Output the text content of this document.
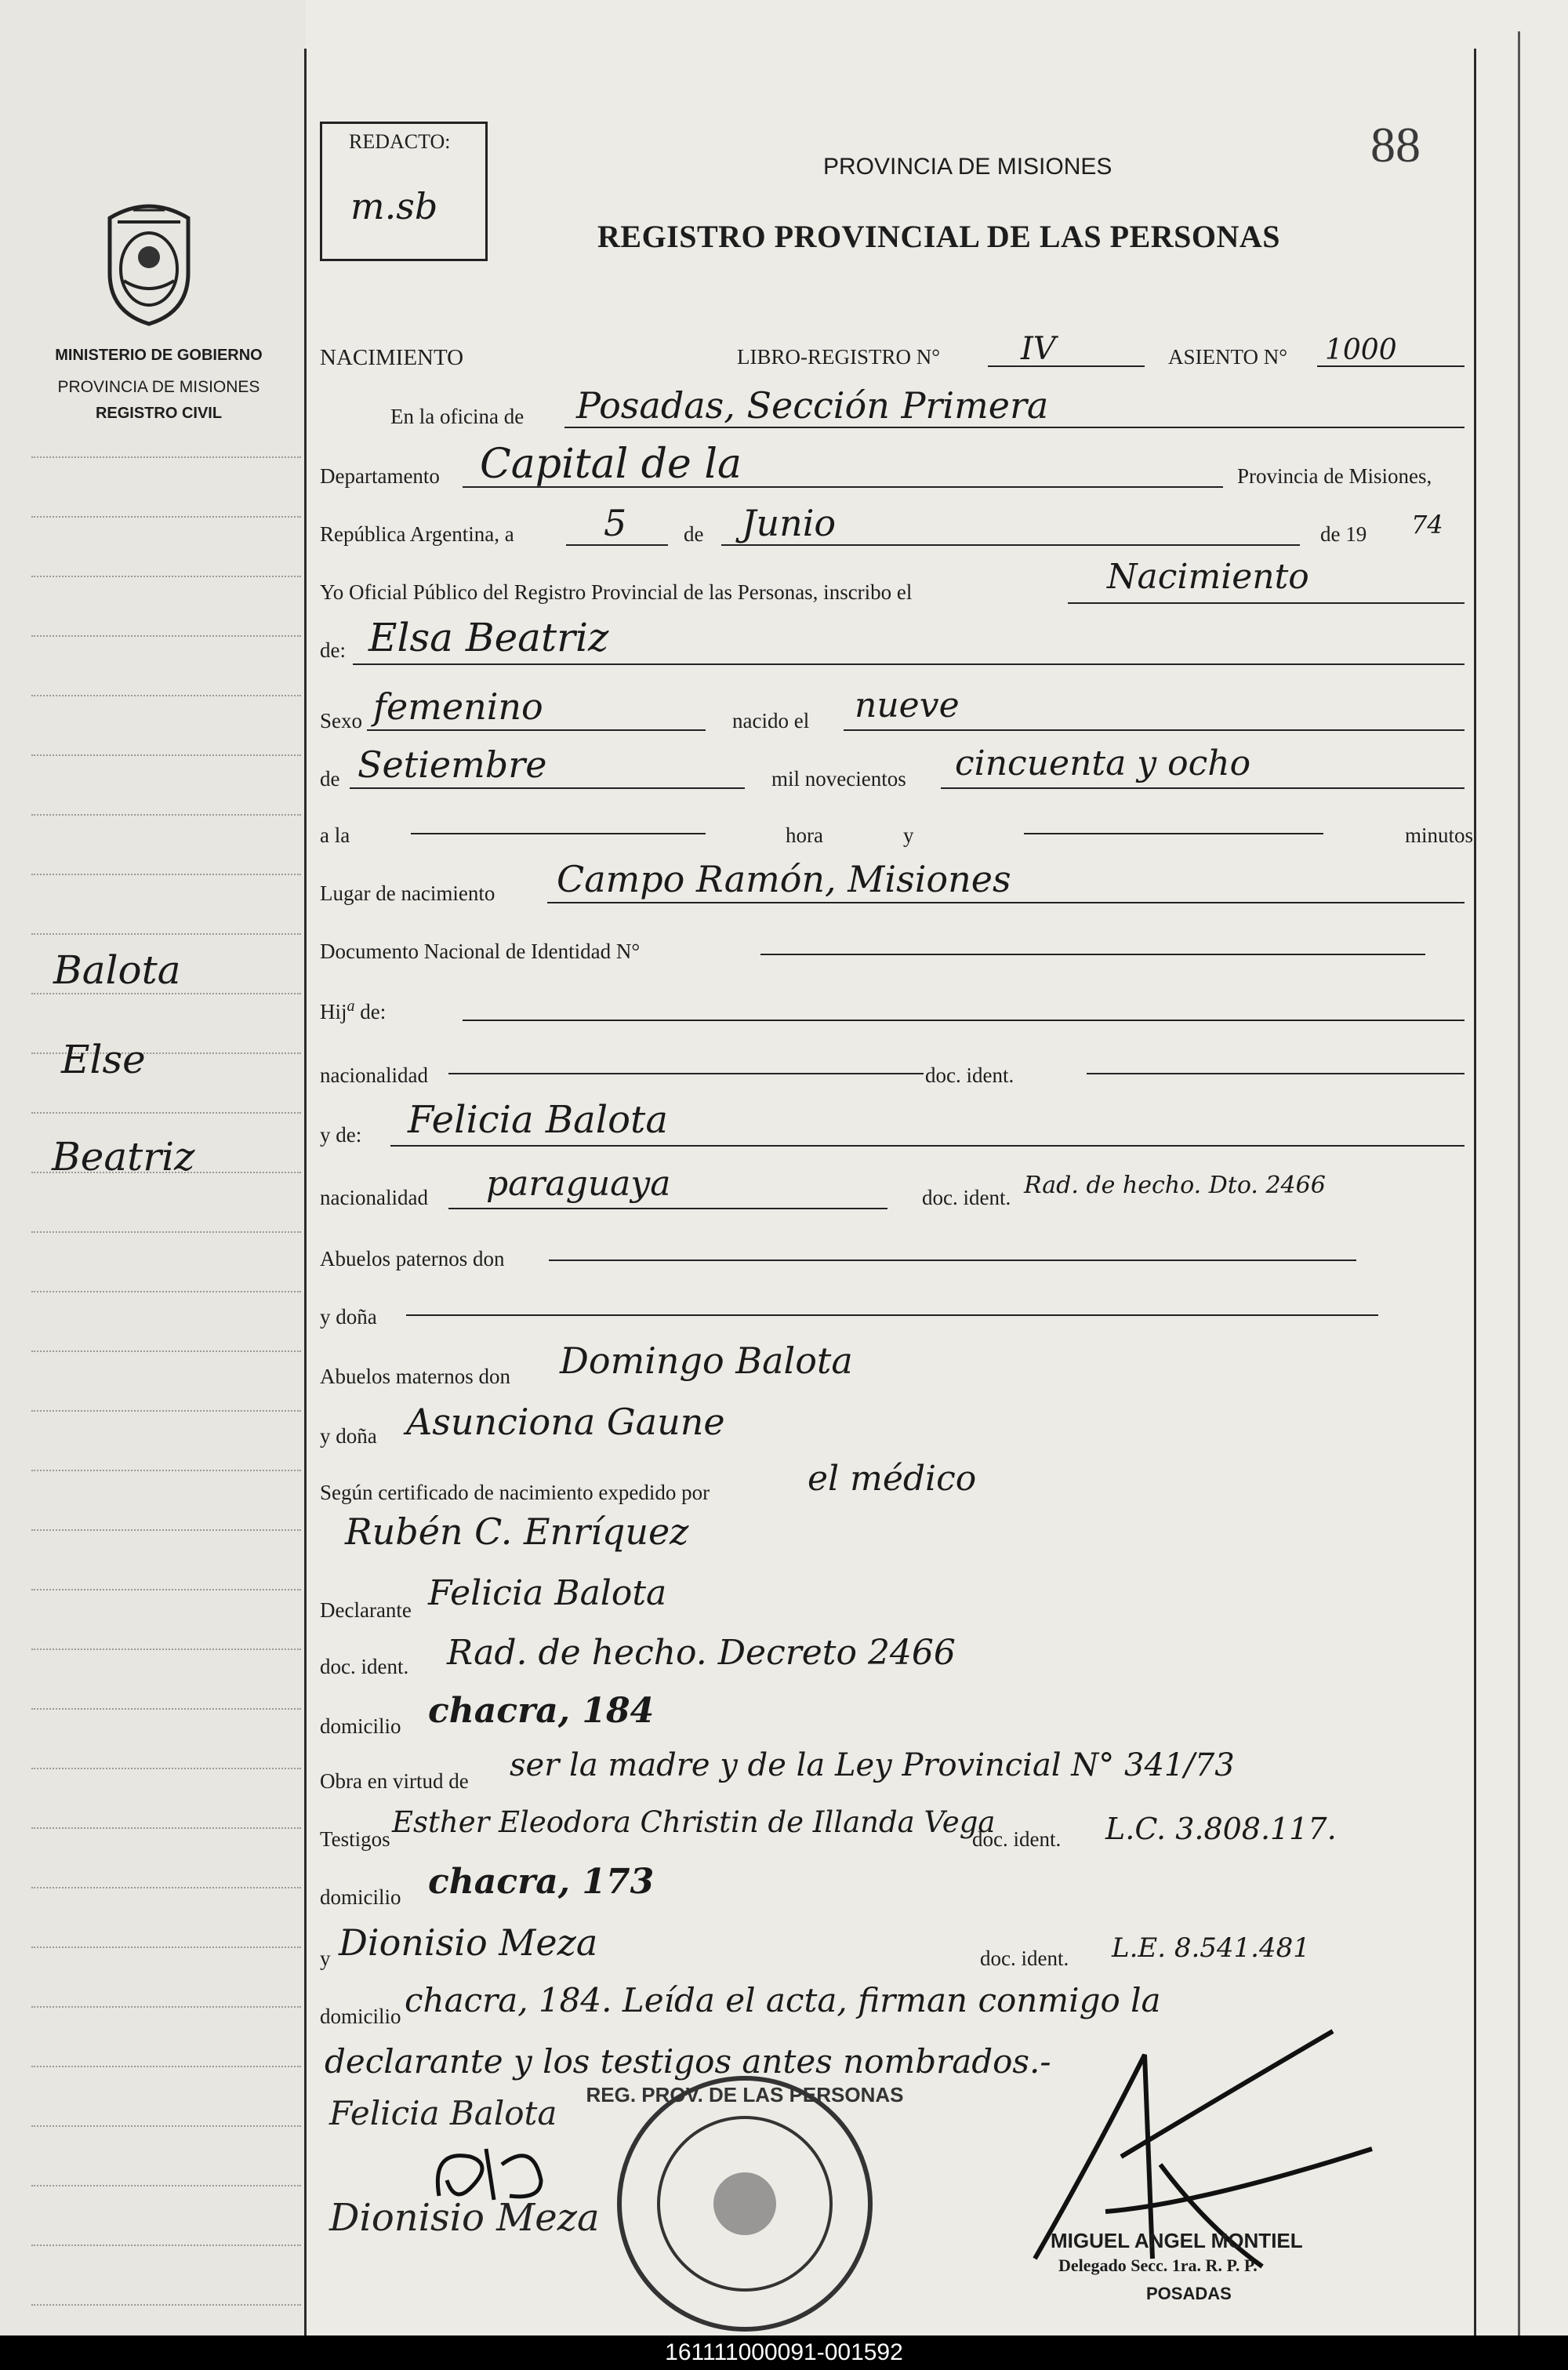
MINISTERIO DE GOBIERNO
PROVINCIA DE MISIONES
REGISTRO CIVIL
Balota
Else
Beatriz
REDACTO:
m.sb
88
PROVINCIA DE MISIONES
REGISTRO PROVINCIAL DE LAS PERSONAS
NACIMIENTO	LIBRO-REGISTRO N°	IV	ASIENTO N° 1000
En la oficina de Posadas, Sección Primera
Departamento Capital de la	Provincia de Misiones,
República Argentina, a 5	de Junio	de 19 74
Yo Oficial Público del Registro Provincial de las Personas, inscribo el	Nacimiento
de: Elsa Beatriz
Sexo femenino	nacido el nueve
de Setiembre	mil novecientos cincuenta y ocho
a la	hora	y	minutos
Lugar de nacimiento Campo Ramón, Misiones
Documento Nacional de Identidad N°
Hij$^a$ de:
nacionalidad	doc. ident.
y de: Felicia Balota
nacionalidad paraguaya	doc. ident. Rad. de hecho. Dto. 2466
Abuelos paternos don
y doña
Abuelos maternos don Domingo Balota
y doña Asunciona Gaune
Según certificado de nacimiento expedido por	el médico
Rubén C. Enríquez
Declarante Felicia Balota
doc. ident. Rad. de hecho. Decreto 2466
domicilio chacra, 184
Obra en virtud de ser la madre y de la Ley Provincial N° 341/73
Testigos Esther Eleodora Christin de Illanda Vega
doc. ident. L.C. 3.808.117.
domicilio chacra, 173
y Dionisio Meza	doc. ident. L.E. 8.541.481
domicilio chacra, 184. Leída el acta, firman conmigo la
declarante y los testigos antes nombrados.-
Felicia Balota
Dionisio Meza
REG. PROV. DE LAS PERSONAS
MIGUEL ANGEL MONTIEL
Delegado Secc. 1ra. R. P. P.
POSADAS
161111000091-001592
